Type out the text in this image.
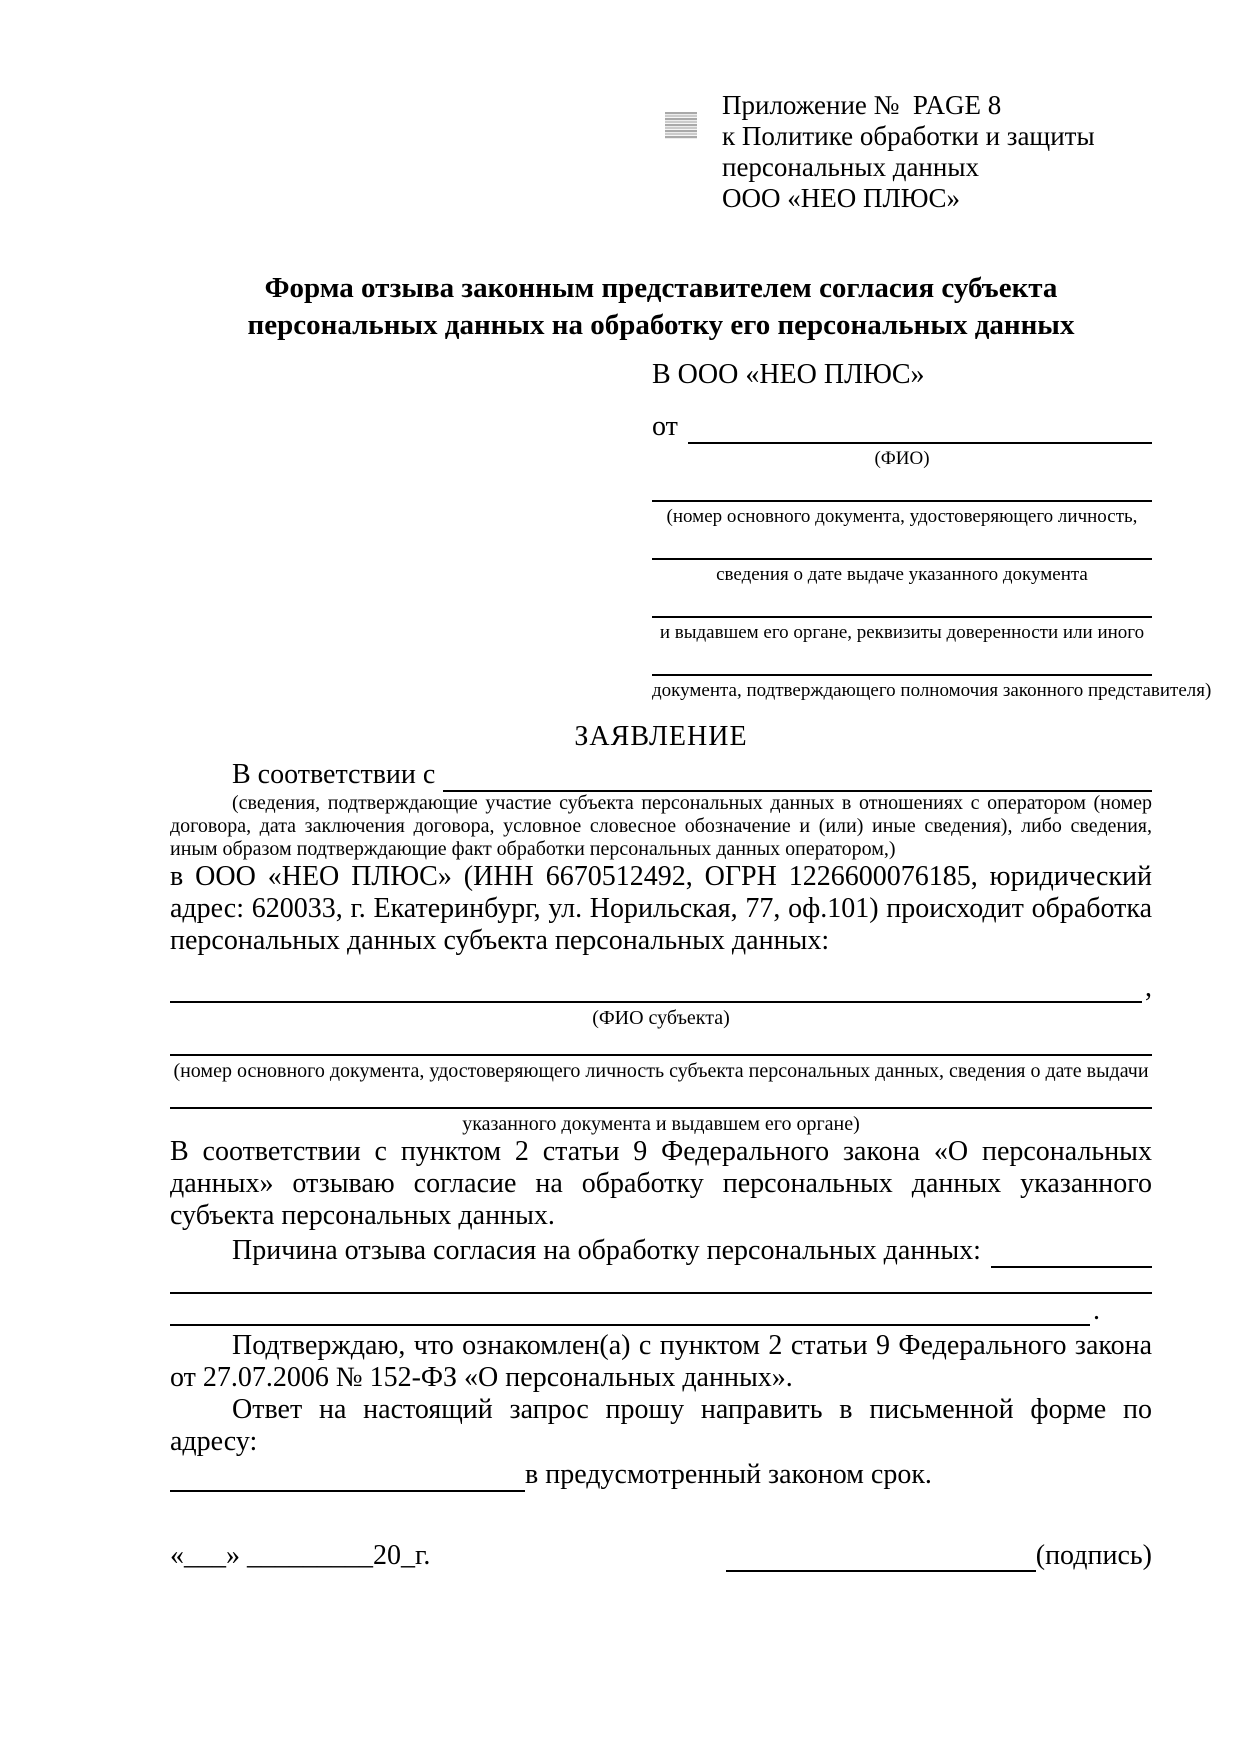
Приложение №  PAGE 8
к Политике обработки и защиты
персональных данных
ООО «НЕО ПЛЮС»
Форма отзыва законным представителем согласия субъекта
персональных данных на обработку его персональных данных
В ООО «НЕО ПЛЮС»
от
(ФИО)
(номер основного документа, удостоверяющего личность,
сведения о дате выдаче указанного документа
и выдавшем его органе, реквизиты доверенности или иного
документа, подтверждающего полномочия законного представителя)
ЗАЯВЛЕНИЕ
В соответствии с
(сведения, подтверждающие участие субъекта персональных данных в отношениях с оператором (номер договора, дата заключения договора, условное словесное обозначение и (или) иные сведения), либо сведения, иным образом подтверждающие факт обработки персональных данных оператором,)
в ООО «НЕО ПЛЮС» (ИНН 6670512492, ОГРН 1226600076185, юридический адрес: 620033, г. Екатеринбург, ул. Норильская, 77, оф.101) происходит обработка персональных данных субъекта персональных данных:
,
(ФИО субъекта)
(номер основного документа, удостоверяющего личность субъекта персональных данных, сведения о дате выдачи
указанного документа и выдавшем его органе)
В соответствии с пунктом 2 статьи 9 Федерального закона «О персональных данных» отзываю согласие на обработку персональных данных указанного субъекта персональных данных.
Причина отзыва согласия на обработку персональных данных:
.
Подтверждаю, что ознакомлен(а) с пунктом 2 статьи 9 Федерального закона от 27.07.2006 № 152-ФЗ «О персональных данных».
Ответ на настоящий запрос прошу направить в письменной форме по адресу:
в предусмотренный законом срок.
«___» _________20_г.	(подпись)
